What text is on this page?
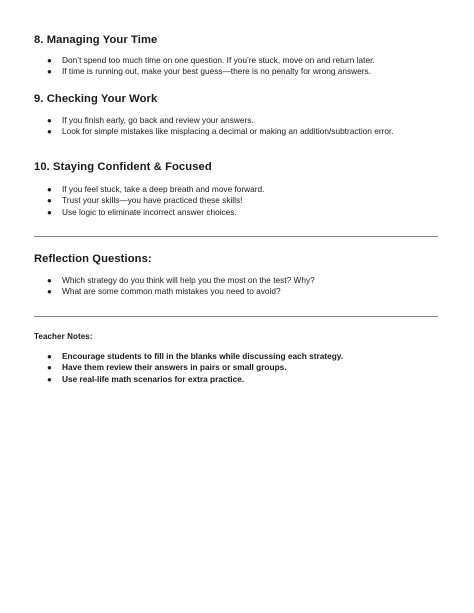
8. Managing Your Time
● Don’t spend too much time on one question. If you’re stuck, move on and return later.
● If time is running out, make your best guess—there is no penalty for wrong answers.
9. Checking Your Work
● If you finish early, go back and review your answers.
● Look for simple mistakes like misplacing a decimal or making an addition/subtraction error.
10. Staying Confident & Focused
● If you feel stuck, take a deep breath and move forward.
● Trust your skills—you have practiced these skills!
● Use logic to eliminate incorrect answer choices.
Reflection Questions:
● Which strategy do you think will help you the most on the test? Why?
● What are some common math mistakes you need to avoid?
Teacher Notes:
● Encourage students to fill in the blanks while discussing each strategy.
● Have them review their answers in pairs or small groups.
● Use real-life math scenarios for extra practice.
